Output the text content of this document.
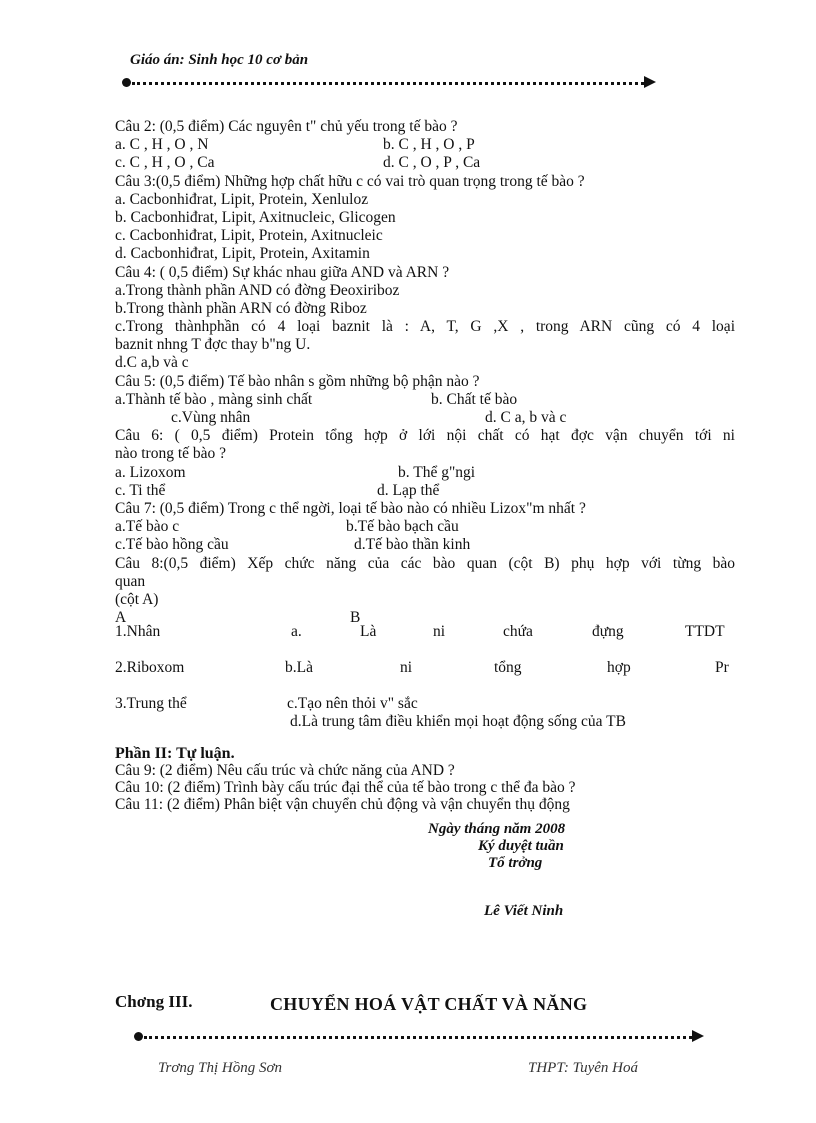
Giáo án: Sinh học 10 cơ bản
Câu 2: (0,5 điểm) Các nguyên t" chủ yếu trong tế bào ?
a. C , H , O , N	b. C , H , O , P
c. C , H , O , Ca	d. C , O , P , Ca
Câu 3:(0,5 điểm) Những hợp chất hữu c có vai trò quan trọng trong tế bào ?
a. Cacbonhiđrat, Lipit, Protein, Xenluloz
b. Cacbonhiđrat, Lipit, Axitnucleic, Glicogen
c. Cacbonhiđrat, Lipit, Protein, Axitnucleic
d. Cacbonhiđrat, Lipit, Protein, Axitamin
Câu 4: ( 0,5 điểm) Sự khác nhau giữa AND và ARN ?
a.Trong thành phần AND có đờng Đeoxiriboz
b.Trong thành phần ARN có đờng Riboz
c.Trong thànhphần có 4 loại baznit là : A, T, G ,X , trong ARN cũng có 4 loại
baznit nhng T đợc thay b"ng U.
d.C a,b và c
Câu 5: (0,5 điểm) Tế bào nhân s gồm những bộ phận nào ?
a.Thành tế bào , màng sinh chất	b. Chất tế bào
c.Vùng nhân	d. C a, b và c
Câu 6: ( 0,5 điểm) Protein tổng hợp ở lới nội chất có hạt đợc vận chuyển tới ni
nào trong tế bào ?
a. Lizoxom	b. Thể g"ngi
c. Ti thể	d. Lạp thể
Câu 7: (0,5 điểm) Trong c thể ngời, loại tế bào nào có nhiều Lizox"m nhất ?
a.Tế bào c	b.Tế bào bạch cầu
c.Tế bào hồng cầu	d.Tế bào thần kinh
Câu 8:(0,5 điểm) Xếp chức năng của các bào quan (cột B) phụ hợp với từng bào
quan
(cột A)
A	B
1.Nhân	a.	Là	ni	chứa	đựng	TTDT
2.Riboxom	b.Là	ni	tổng	hợp	Pr
3.Trung thể	c.Tạo nên thỏi v" sắc
d.Là trung tâm điều khiển mọi hoạt động sống của TB
Phần II: Tự luận.
Câu 9: (2 điểm) Nêu cấu trúc và chức năng của AND ?
Câu 10: (2 điểm) Trình bày cấu trúc đại thể của tế bào trong c thể đa bào ?
Câu 11: (2 điểm) Phân biệt vận chuyển chủ động và vận chuyển thụ động
Ngày tháng năm 2008
Ký duyệt tuần
Tổ trởng
Lê Viết Ninh
Chơng III.	CHUYỂN HOÁ VẬT CHẤT VÀ NĂNG
Trơng Thị Hồng Sơn	THPT: Tuyên Hoá
